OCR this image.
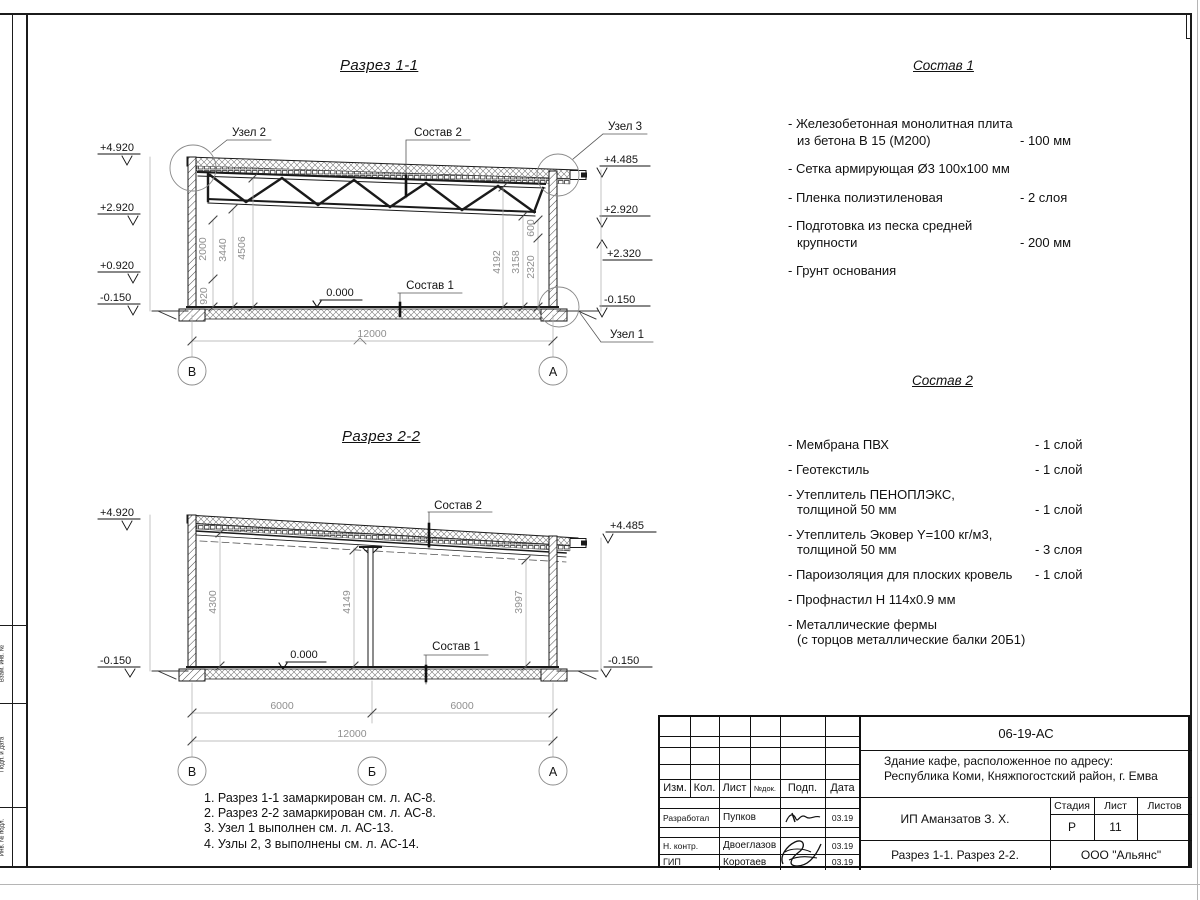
Взам. инв. №
Подп. и дата
Инв. № подл.
Узел 2	Узел 3
Узел 1
Состав 2
Состав 1
0.000
+4.920
+2.920
+0.920
-0.150
+4.485
+2.920
+2.320
-0.150
920
2000 3440 4506
4192 3158 2320
600
12000
В	А
Состав 2
Состав 1
0.000
+4.920
-0.150
+4.485
-0.150
4300	4149	3997
6000	6000
12000
В	Б	А
Разрез 1-1
Разрез 2-2
Состав 1
Состав 2
- Железобетонная монолитная плита
из бетона В 15 (М200)	- 100 мм
- Сетка армирующая Ø3 100х100 мм
- Пленка полиэтиленовая	- 2 слоя
- Подготовка из песка средней
крупности	- 200 мм
- Грунт основания
- Мембрана ПВХ	- 1 слой
- Геотекстиль	- 1 слой
- Утеплитель ПЕНОПЛЭКС,
толщиной 50 мм	- 1 слой
- Утеплитель Эковер Y=100 кг/м3,
толщиной 50 мм	- 3 слоя
- Пароизоляция для плоских кровель	- 1 слой
- Профнастил Н 114х0.9 мм
- Металлические фермы
(с торцов металлические балки 20Б1)
1. Разрез 1-1 замаркирован см. л. АС-8.
2. Разрез 2-2 замаркирован см. л. АС-8.
3. Узел 1 выполнен см. л. АС-13.
4. Узлы 2, 3 выполнены см. л. АС-14.
Изм. Кол. Лист	№док.	Подп.	Дата
Разработал	Пупков	03.19
Н. контр.	Двоеглазов	03.19
ГИП	Коротаев	03.19
06-19-АС
Здание кафе, расположенное по адресу:
Республика Коми, Княжпогостский район, г. Емва
ИП Аманзатов З. Х.
Стадия	Лист	Листов
Р	11
Разрез 1-1. Разрез 2-2.	ООО "Альянс"
